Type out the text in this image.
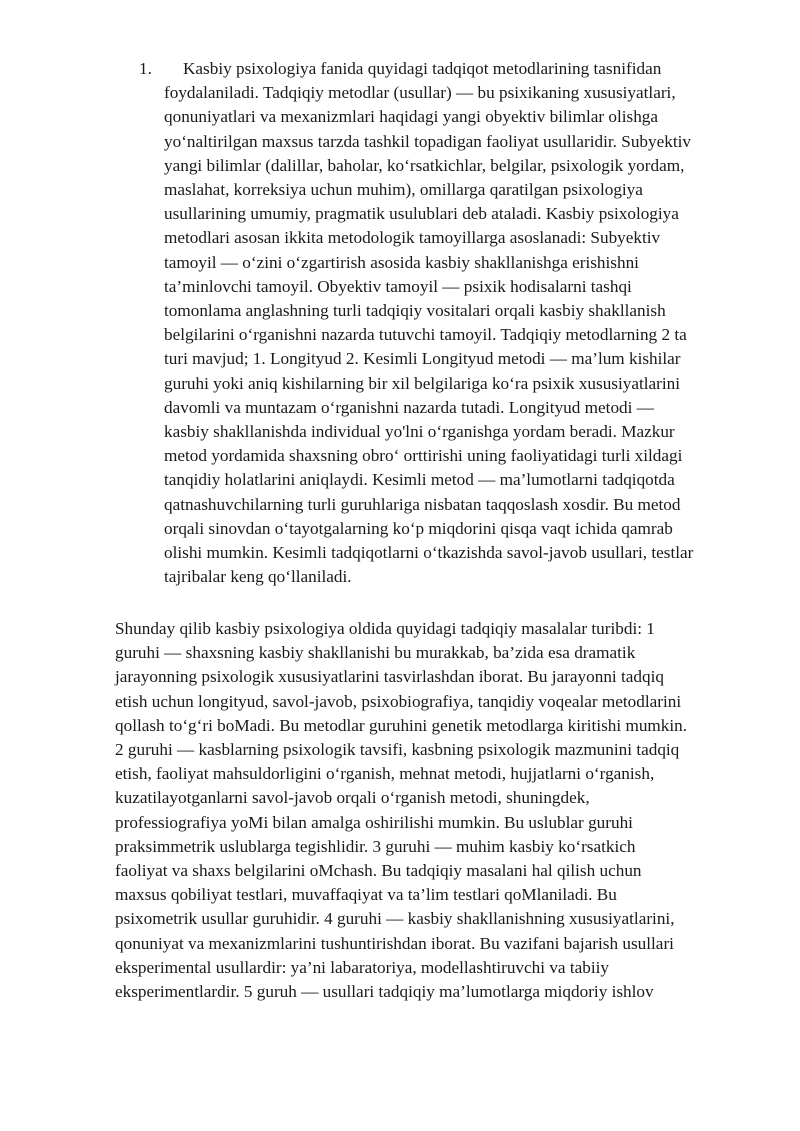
1.	Kasbiy psixologiya fanida quyidagi tadqiqot metodlarining tasnifidan
foydalaniladi. Tadqiqiy metodlar (usullar) — bu psixikaning xususiyatlari,
qonuniyatlari va mexanizmlari haqidagi yangi obyektiv bilimlar olishga
yo‘naltirilgan maxsus tarzda tashkil topadigan faoliyat usullaridir. Subyektiv
yangi bilimlar (dalillar, baholar, ko‘rsatkichlar, belgilar, psixologik yordam,
maslahat, korreksiya uchun muhim), omillarga qaratilgan psixologiya
usullarining umumiy, pragmatik usulublari deb ataladi. Kasbiy psixologiya
metodlari asosan ikkita metodologik tamoyillarga asoslanadi: Subyektiv
tamoyil — o‘zini o‘zgartirish asosida kasbiy shakllanishga erishishni
ta’minlovchi tamoyil. Obyektiv tamoyil — psixik hodisalarni tashqi
tomonlama anglashning turli tadqiqiy vositalari orqali kasbiy shakllanish
belgilarini o‘rganishni nazarda tutuvchi tamoyil. Tadqiqiy metodlarning 2 ta
turi mavjud; 1. Longityud 2. Kesimli Longityud metodi — ma’lum kishilar
guruhi yoki aniq kishilarning bir xil belgilariga ko‘ra psixik xususiyatlarini
davomli va muntazam o‘rganishni nazarda tutadi. Longityud metodi —
kasbiy shakllanishda individual yo'lni o‘rganishga yordam beradi. Mazkur
metod yordamida shaxsning obro‘ orttirishi uning faoliyatidagi turli xildagi
tanqidiy holatlarini aniqlaydi. Kesimli metod — ma’lumotlarni tadqiqotda
qatnashuvchilarning turli guruhlariga nisbatan taqqoslash xosdir. Bu metod
orqali sinovdan o‘tayotgalarning ko‘p miqdorini qisqa vaqt ichida qamrab
olishi mumkin. Kesimli tadqiqotlarni o‘tkazishda savol-javob usullari, testlar
tajribalar keng qo‘llaniladi.

Shunday qilib kasbiy psixologiya oldida quyidagi tadqiqiy masalalar turibdi: 1
guruhi — shaxsning kasbiy shakllanishi bu murakkab, ba’zida esa dramatik
jarayonning psixologik xususiyatlarini tasvirlashdan iborat. Bu jarayonni tadqiq
etish uchun longityud, savol-javob, psixobiografiya, tanqidiy voqealar metodlarini
qollash to‘g‘ri boMadi. Bu metodlar guruhini genetik metodlarga kiritishi mumkin.
2 guruhi — kasblarning psixologik tavsifi, kasbning psixologik mazmunini tadqiq
etish, faoliyat mahsuldorligini o‘rganish, mehnat metodi, hujjatlarni o‘rganish,
kuzatilayotganlarni savol-javob orqali o‘rganish metodi, shuningdek,
professiografiya yoMi bilan amalga oshirilishi mumkin. Bu uslublar guruhi
praksimmetrik uslublarga tegishlidir. 3 guruhi — muhim kasbiy ko‘rsatkich
faoliyat va shaxs belgilarini oMchash. Bu tadqiqiy masalani hal qilish uchun
maxsus qobiliyat testlari, muvaffaqiyat va ta’lim testlari qoMlaniladi. Bu
psixometrik usullar guruhidir. 4 guruhi — kasbiy shakllanishning xususiyatlarini,
qonuniyat va mexanizmlarini tushuntirishdan iborat. Bu vazifani bajarish usullari
eksperimental usullardir: ya’ni labaratoriya, modellashtiruvchi va tabiiy
eksperimentlardir. 5 guruh — usullari tadqiqiy ma’lumotlarga miqdoriy ishlov
